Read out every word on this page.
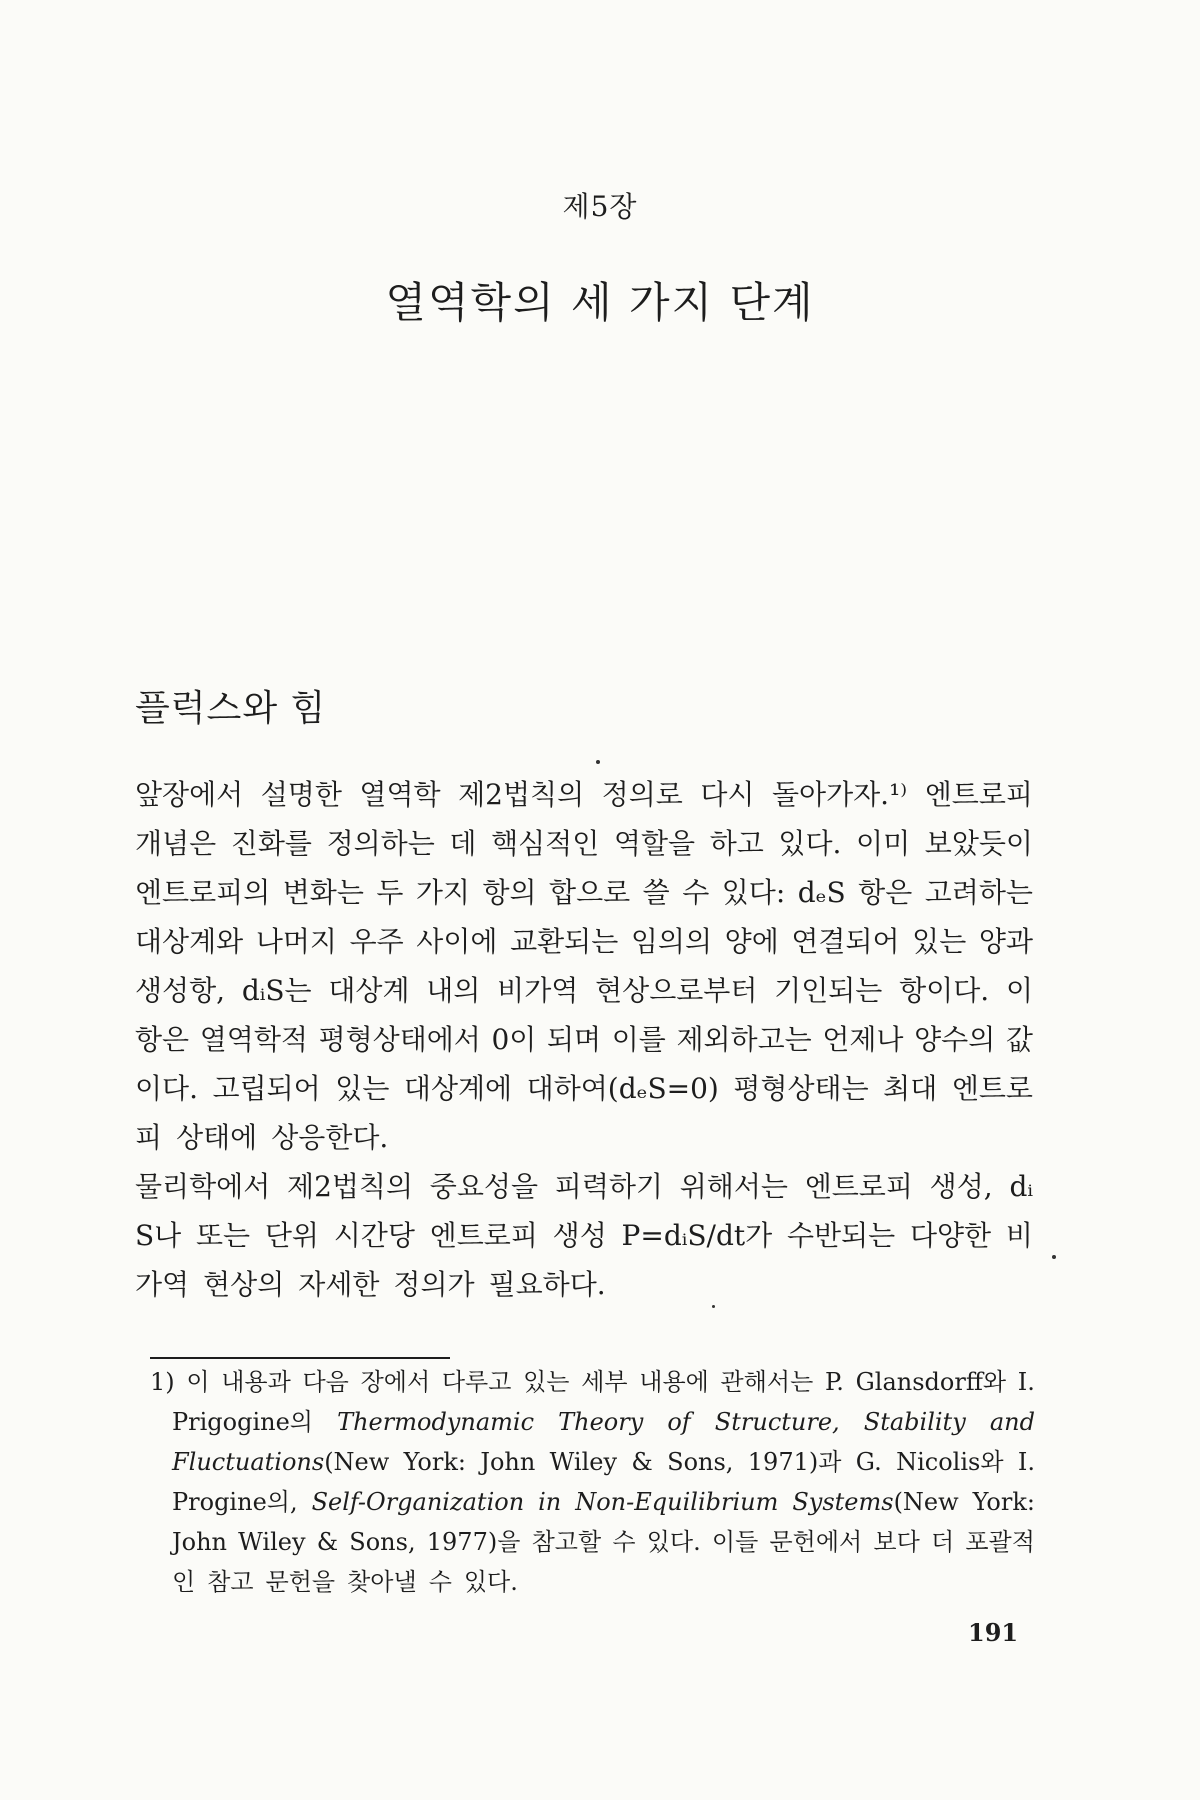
제5장
열역학의 세 가지 단계
플럭스와 힘
앞장에서 설명한 열역학 제2법칙의 정의로 다시 돌아가자.¹⁾ 엔트로피
개념은 진화를 정의하는 데 핵심적인 역할을 하고 있다. 이미 보았듯이
엔트로피의 변화는 두 가지 항의 합으로 쓸 수 있다: dₑS 항은 고려하는
대상계와 나머지 우주 사이에 교환되는 임의의 양에 연결되어 있는 양과
생성항, dᵢS는 대상계 내의 비가역 현상으로부터 기인되는 항이다. 이
항은 열역학적 평형상태에서 0이 되며 이를 제외하고는 언제나 양수의 값
이다. 고립되어 있는 대상계에 대하여(dₑS=0) 평형상태는 최대 엔트로
피 상태에 상응한다.
물리학에서 제2법칙의 중요성을 피력하기 위해서는 엔트로피 생성, dᵢ
S나 또는 단위 시간당 엔트로피 생성 P=dᵢS/dt가 수반되는 다양한 비
가역 현상의 자세한 정의가 필요하다.
1) 이 내용과 다음 장에서 다루고 있는 세부 내용에 관해서는 P. Glansdorff와 I.
Prigogine의 Thermodynamic Theory of Structure, Stability and
Fluctuations(New York: John Wiley & Sons, 1971)과 G. Nicolis와 I.
Progine의, Self-Organization in Non-Equilibrium Systems(New York:
John Wiley & Sons, 1977)을 참고할 수 있다. 이들 문헌에서 보다 더 포괄적
인 참고 문헌을 찾아낼 수 있다.
191
